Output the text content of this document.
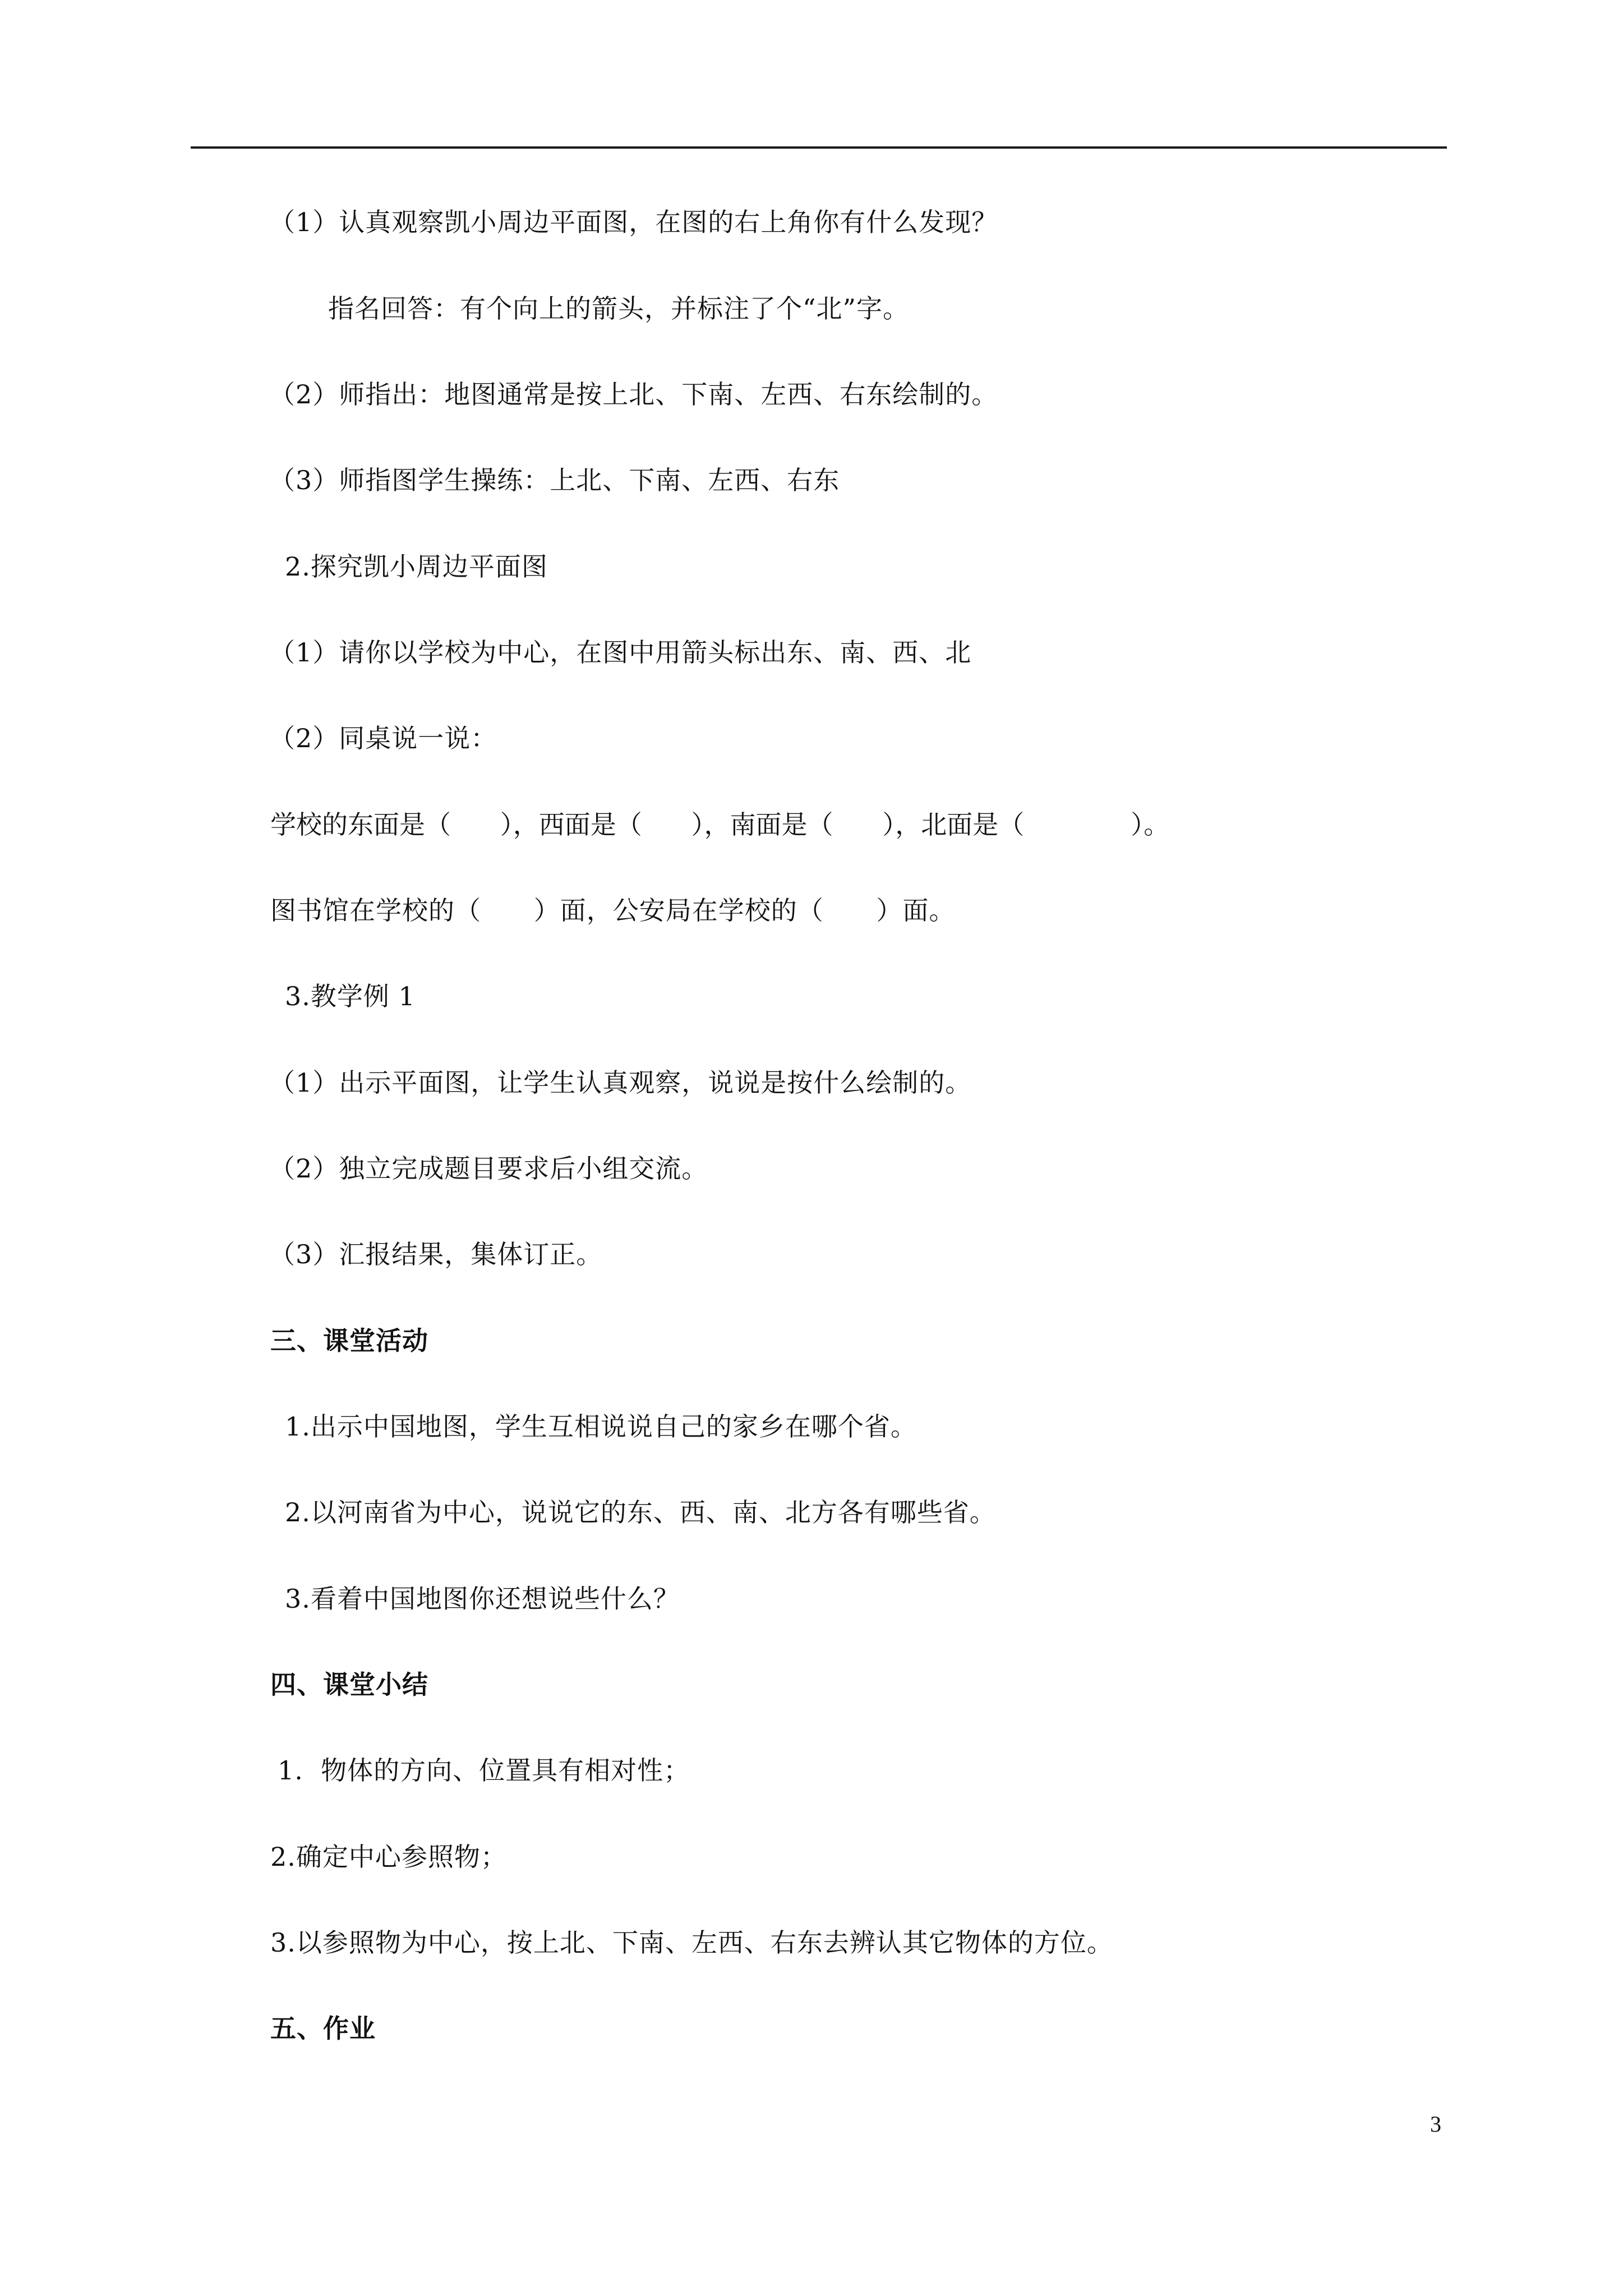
（1）认真观察凯小周边平面图，在图的右上角你有什么发现？
指名回答：有个向上的箭头，并标注了个“北”字。
（2）师指出：地图通常是按上北、下南、左西、右东绘制的。
（3）师指图学生操练：上北、下南、左西、右东
2.探究凯小周边平面图
（1）请你以学校为中心，在图中用箭头标出东、南、西、北
（2）同桌说一说：
学校的东面是（      ），西面是（      ），南面是（      ），北面是（             ）。
图书馆在学校的（      ）面，公安局在学校的（      ）面。
3.教学例 1
（1）出示平面图，让学生认真观察，说说是按什么绘制的。
（2）独立完成题目要求后小组交流。
（3）汇报结果，集体订正。
三、课堂活动
1.出示中国地图，学生互相说说自己的家乡在哪个省。
2.以河南省为中心，说说它的东、西、南、北方各有哪些省。
3.看着中国地图你还想说些什么？
四、课堂小结
1.  物体的方向、位置具有相对性；
2.确定中心参照物；
3.以参照物为中心，按上北、下南、左西、右东去辨认其它物体的方位。
五、作业
3
